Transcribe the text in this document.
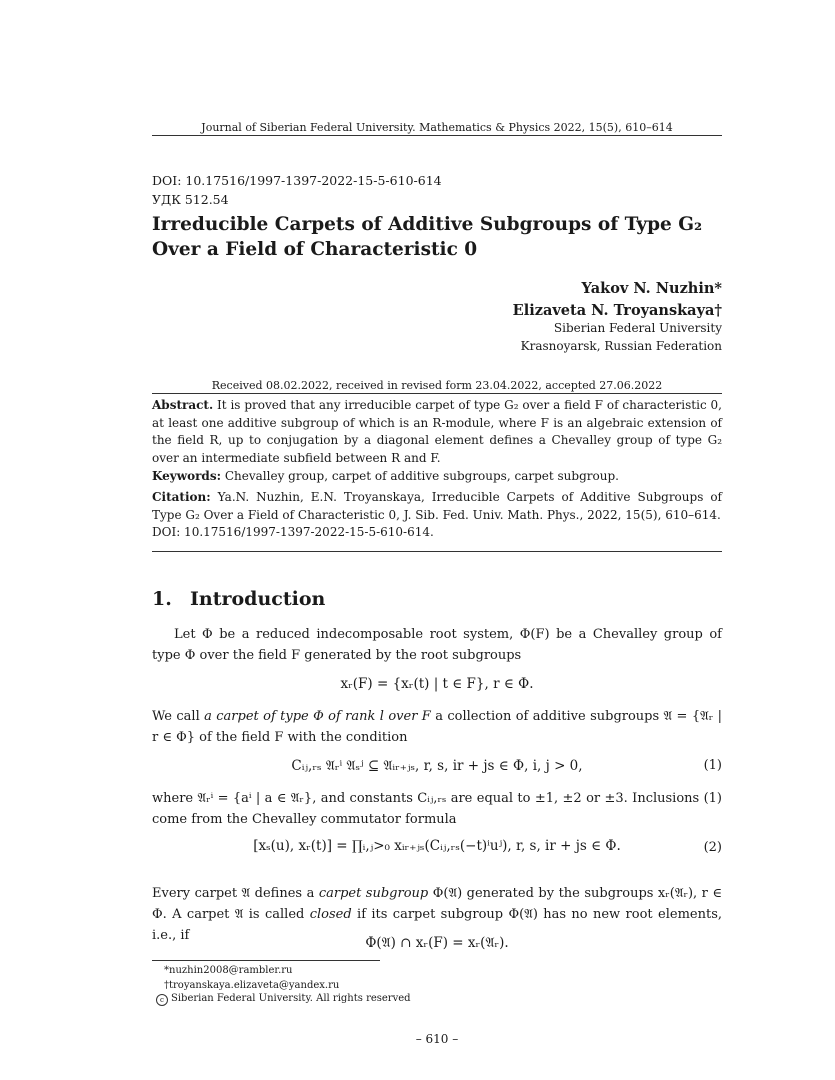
Journal of Siberian Federal University. Mathematics & Physics 2022, 15(5), 610–614
DOI: 10.17516/1997-1397-2022-15-5-610-614
УДК 512.54
Irreducible Carpets of Additive Subgroups of Type G₂
Over a Field of Characteristic 0
Yakov N. Nuzhin*
Elizaveta N. Troyanskaya†
Siberian Federal University
Krasnoyarsk, Russian Federation
Received 08.02.2022, received in revised form 23.04.2022, accepted 27.06.2022
Abstract. It is proved that any irreducible carpet of type G₂ over a field F of characteristic 0, at least one additive subgroup of which is an R-module, where F is an algebraic extension of the field R, up to conjugation by a diagonal element defines a Chevalley group of type G₂ over an intermediate subfield between R and F.
Keywords: Chevalley group, carpet of additive subgroups, carpet subgroup.
Citation: Ya.N. Nuzhin, E.N. Troyanskaya, Irreducible Carpets of Additive Subgroups of Type G₂ Over a Field of Characteristic 0, J. Sib. Fed. Univ. Math. Phys., 2022, 15(5), 610–614.
DOI: 10.17516/1997-1397-2022-15-5-610-614.
1. Introduction
Let Φ be a reduced indecomposable root system, Φ(F) be a Chevalley group of type Φ over the field F generated by the root subgroups
xᵣ(F) = {xᵣ(t) | t ∈ F}, r ∈ Φ.
We call a carpet of type Φ of rank l over F a collection of additive subgroups 𝔄 = {𝔄ᵣ | r ∈ Φ} of the field F with the condition
Cᵢⱼ,ᵣₛ 𝔄ᵣⁱ 𝔄ₛʲ ⊆ 𝔄ᵢᵣ₊ⱼₛ, r, s, ir + js ∈ Φ, i, j > 0,	(1)
where 𝔄ᵣⁱ = {aⁱ | a ∈ 𝔄ᵣ}, and constants Cᵢⱼ,ᵣₛ are equal to ±1, ±2 or ±3. Inclusions (1) come from the Chevalley commutator formula
[xₛ(u), xᵣ(t)] = ∏ᵢ,ⱼ>₀ xᵢᵣ₊ⱼₛ(Cᵢⱼ,ᵣₛ(−t)ⁱuʲ), r, s, ir + js ∈ Φ.	(2)
Every carpet 𝔄 defines a carpet subgroup Φ(𝔄) generated by the subgroups xᵣ(𝔄ᵣ), r ∈ Φ. A carpet 𝔄 is called closed if its carpet subgroup Φ(𝔄) has no new root elements, i.e., if	Φ(𝔄) ∩ xᵣ(F) = xᵣ(𝔄ᵣ).
*nuzhin2008@rambler.ru
†troyanskaya.elizaveta@yandex.ru
c Siberian Federal University. All rights reserved
– 610 –
